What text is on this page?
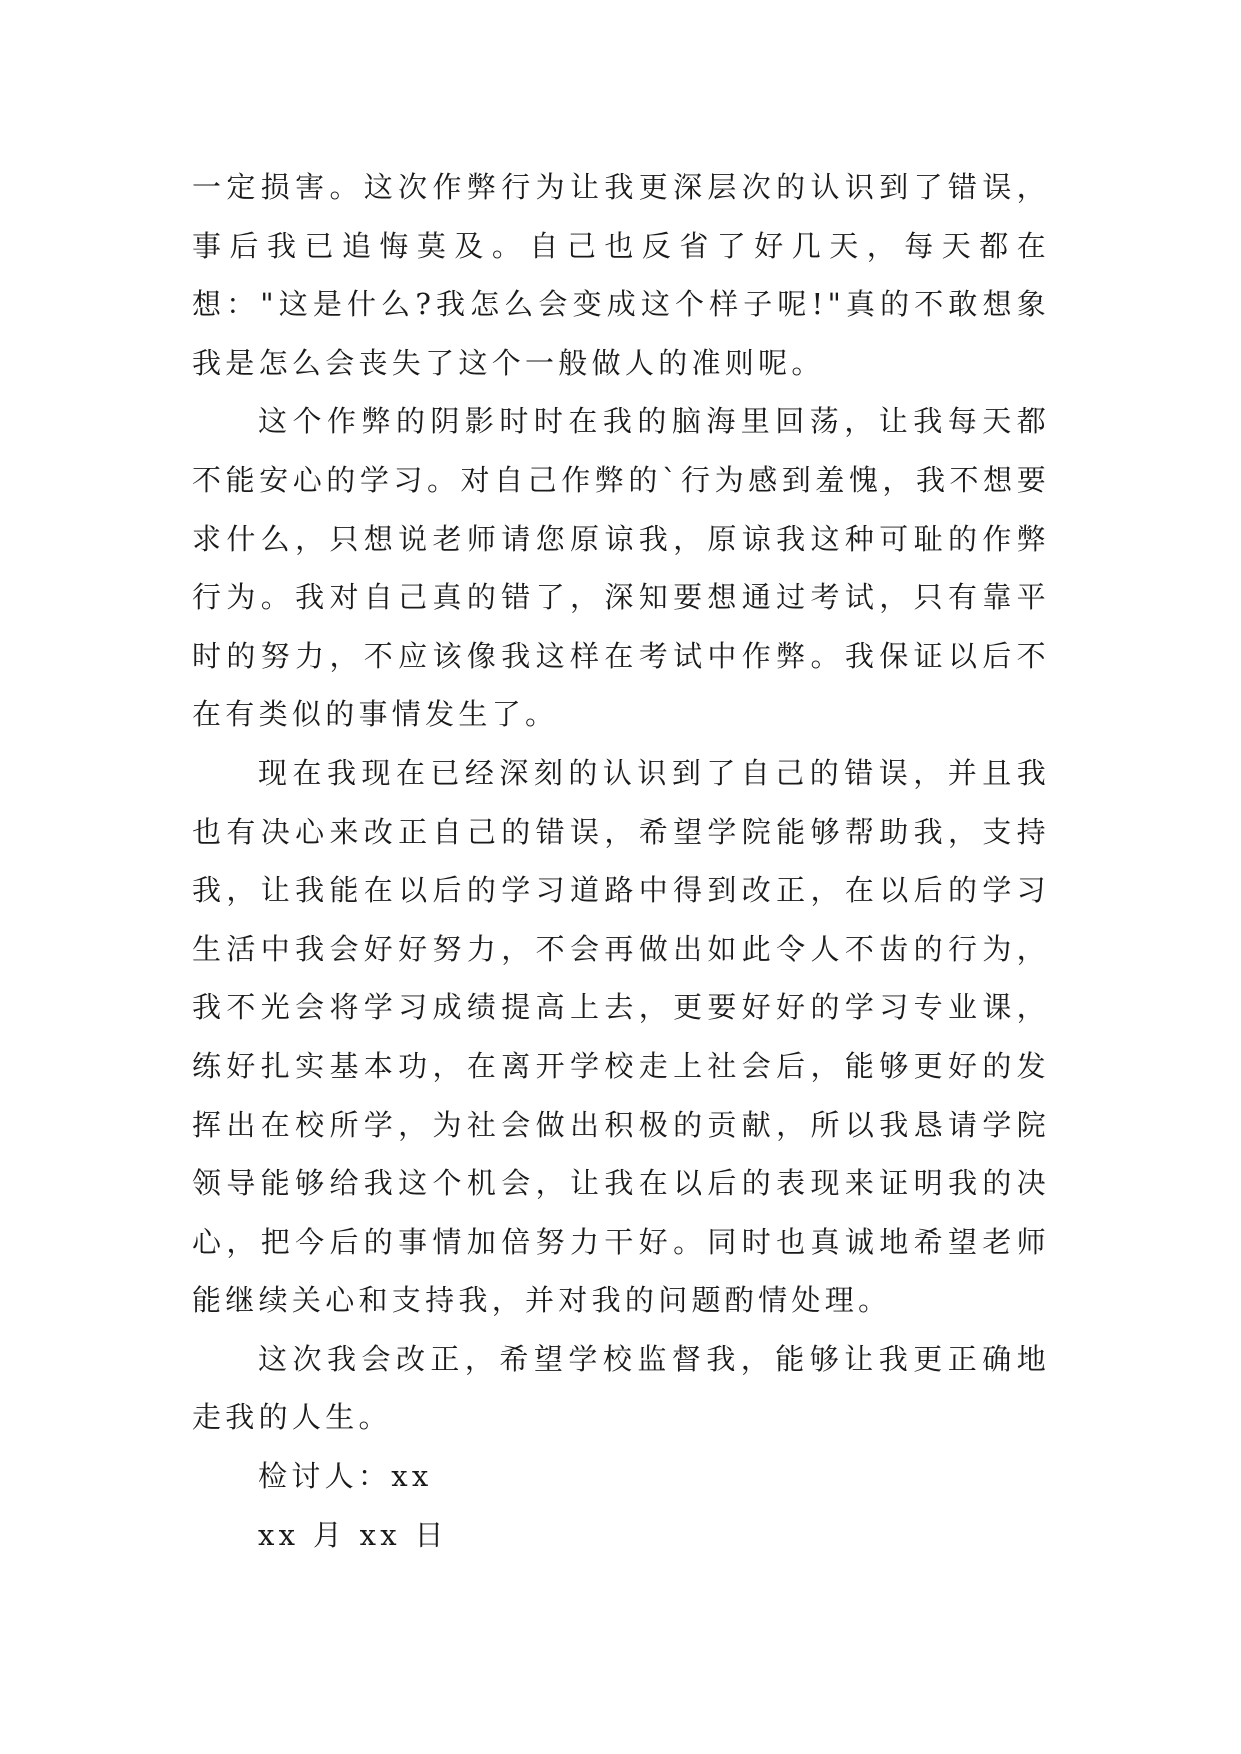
一定损害。这次作弊行为让我更深层次的认识到了错误，事后我已追悔莫及。自己也反省了好几天，每天都在想："这是什么?我怎么会变成这个样子呢!"真的不敢想象我是怎么会丧失了这个一般做人的准则呢。

这个作弊的阴影时时在我的脑海里回荡，让我每天都不能安心的学习。对自己作弊的`行为感到羞愧，我不想要求什么，只想说老师请您原谅我，原谅我这种可耻的作弊行为。我对自己真的错了，深知要想通过考试，只有靠平时的努力，不应该像我这样在考试中作弊。我保证以后不在有类似的事情发生了。

现在我现在已经深刻的认识到了自己的错误，并且我也有决心来改正自己的错误，希望学院能够帮助我，支持我，让我能在以后的学习道路中得到改正，在以后的学习生活中我会好好努力，不会再做出如此令人不齿的行为，我不光会将学习成绩提高上去，更要好好的学习专业课，练好扎实基本功，在离开学校走上社会后，能够更好的发挥出在校所学，为社会做出积极的贡献，所以我恳请学院领导能够给我这个机会，让我在以后的表现来证明我的决心，把今后的事情加倍努力干好。同时也真诚地希望老师能继续关心和支持我，并对我的问题酌情处理。

这次我会改正，希望学校监督我，能够让我更正确地走我的人生。

检讨人：xx

xx 月 xx 日
